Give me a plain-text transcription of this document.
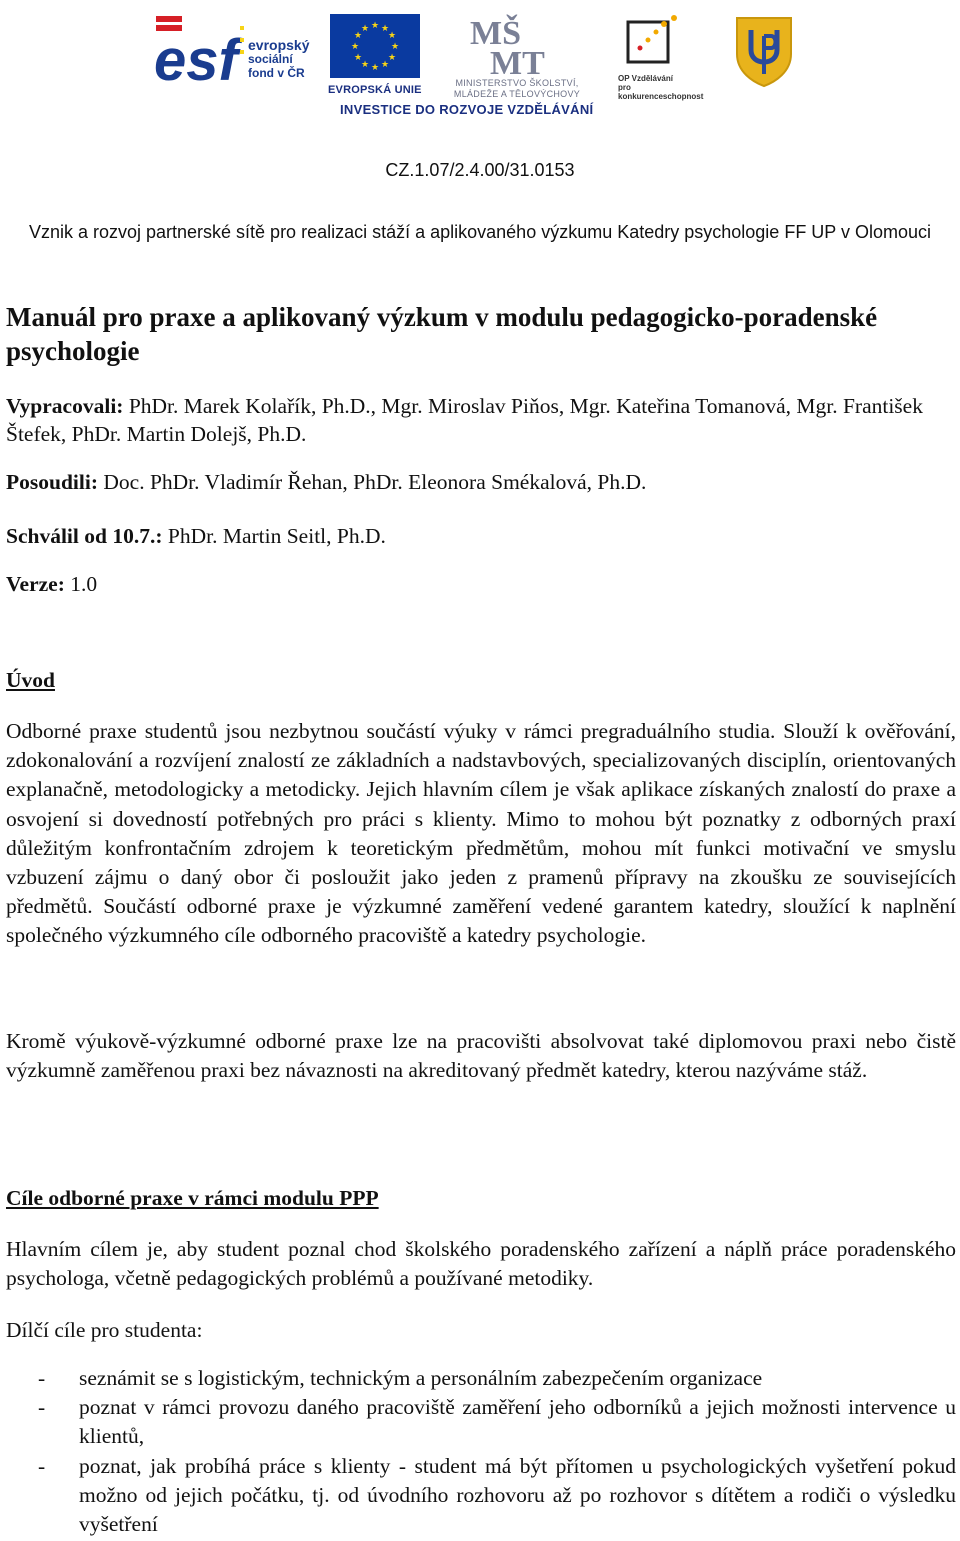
esf evropský
sociální
fond v ČR
★ ★
★
★
★
★
★
★
★
★
★
★
EVROPSKÁ UNIE
MŠ
MT
MINISTERSTVO ŠKOLSTVÍ,
MLÁDEŽE A TĚLOVÝCHOVY
OP Vzdělávání
pro konkurenceschopnost
INVESTICE DO ROZVOJE VZDĚLÁVÁNÍ
CZ.1.07/2.4.00/31.0153
Vznik a rozvoj partnerské sítě pro realizaci stáží a aplikovaného výzkumu Katedry psychologie FF UP v Olomouci
Manuál pro praxe a aplikovaný výzkum v modulu pedagogicko-poradenské psychologie
Vypracovali: PhDr. Marek Kolařík, Ph.D., Mgr. Miroslav Piňos, Mgr. Kateřina Tomanová, Mgr. František Štefek, PhDr. Martin Dolejš, Ph.D.
Posoudili: Doc. PhDr. Vladimír Řehan, PhDr. Eleonora Smékalová, Ph.D.
Schválil od 10.7.: PhDr. Martin Seitl, Ph.D.
Verze: 1.0
Úvod
Odborné praxe studentů jsou nezbytnou součástí výuky v rámci pregraduálního studia. Slouží k ověřování, zdokonalování a rozvíjení znalostí ze základních a nadstavbových, specializovaných disciplín, orientovaných explanačně, metodologicky a metodicky. Jejich hlavním cílem je však aplikace získaných znalostí do praxe a osvojení si dovedností potřebných pro práci s klienty. Mimo to mohou být poznatky z odborných praxí důležitým konfrontačním zdrojem k teoretickým předmětům, mohou mít funkci motivační ve smyslu vzbuzení zájmu o daný obor či posloužit jako jeden z pramenů přípravy na zkoušku ze souvisejících předmětů. Součástí odborné praxe je výzkumné zaměření vedené garantem katedry, sloužící k naplnění společného výzkumného cíle odborného pracoviště a katedry psychologie.
Kromě výukově-výzkumné odborné praxe lze na pracovišti absolvovat také diplomovou praxi nebo čistě výzkumně zaměřenou praxi bez návaznosti na akreditovaný předmět katedry, kterou nazýváme stáž.
Cíle odborné praxe v rámci modulu PPP
Hlavním cílem je, aby student poznal chod školského poradenského zařízení a náplň práce poradenského psychologa, včetně pedagogických problémů a používané metodiky.
Dílčí cíle pro studenta:
- seznámit se s logistickým, technickým a personálním zabezpečením organizace
- poznat v rámci provozu daného pracoviště zaměření jeho odborníků a jejich možnosti intervence u klientů,
- poznat, jak probíhá práce s klienty - student má být přítomen u psychologických vyšetření pokud možno od jejich počátku, tj. od úvodního rozhovoru až po rozhovor s dítětem a rodiči o výsledku vyšetření
